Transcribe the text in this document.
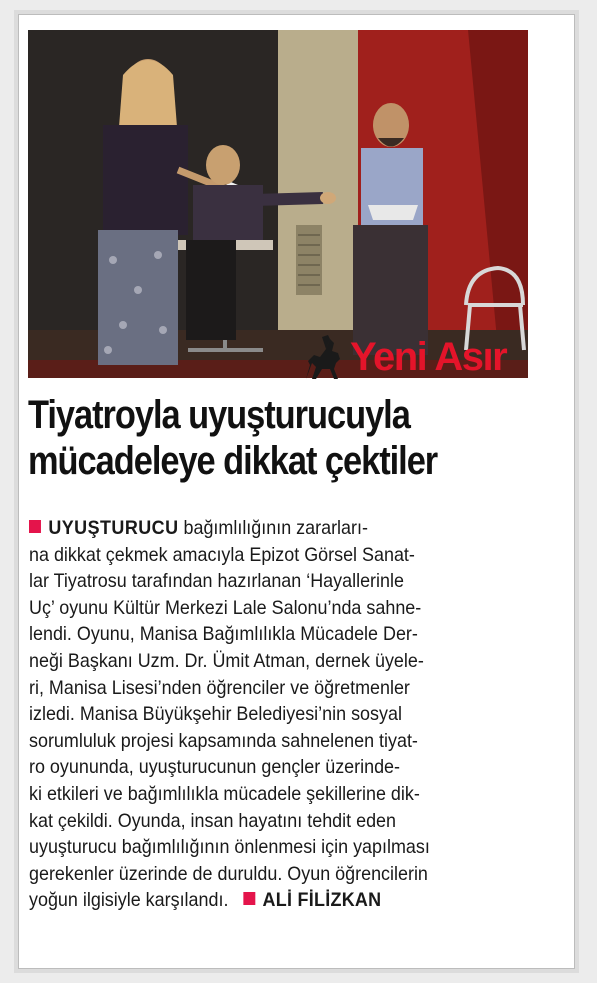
Yeni Asır
Tiyatroyla uyuşturucuyla
mücadeleye dikkat çektiler
UYUŞTURUCU bağımlılığının zararları-
na dikkat çekmek amacıyla Epizot Görsel Sanat-
lar Tiyatrosu tarafından hazırlanan ‘Hayallerinle
Uç’ oyunu Kültür Merkezi Lale Salonu’nda sahne-
lendi. Oyunu, Manisa Bağımlılıkla Mücadele Der-
neği Başkanı Uzm. Dr. Ümit Atman, dernek üyele-
ri, Manisa Lisesi’nden öğrenciler ve öğretmenler
izledi. Manisa Büyükşehir Belediyesi’nin sosyal
sorumluluk projesi kapsamında sahnelenen tiyat-
ro oyununda, uyuşturucunun gençler üzerinde-
ki etkileri ve bağımlılıkla mücadele şekillerine dik-
kat çekildi. Oyunda, insan hayatını tehdit eden
uyuşturucu bağımlılığının önlenmesi için yapılması
gerekenler üzerinde de duruldu. Oyun öğrencilerin
yoğun ilgisiyle karşılandı. ALİ FİLİZKAN
